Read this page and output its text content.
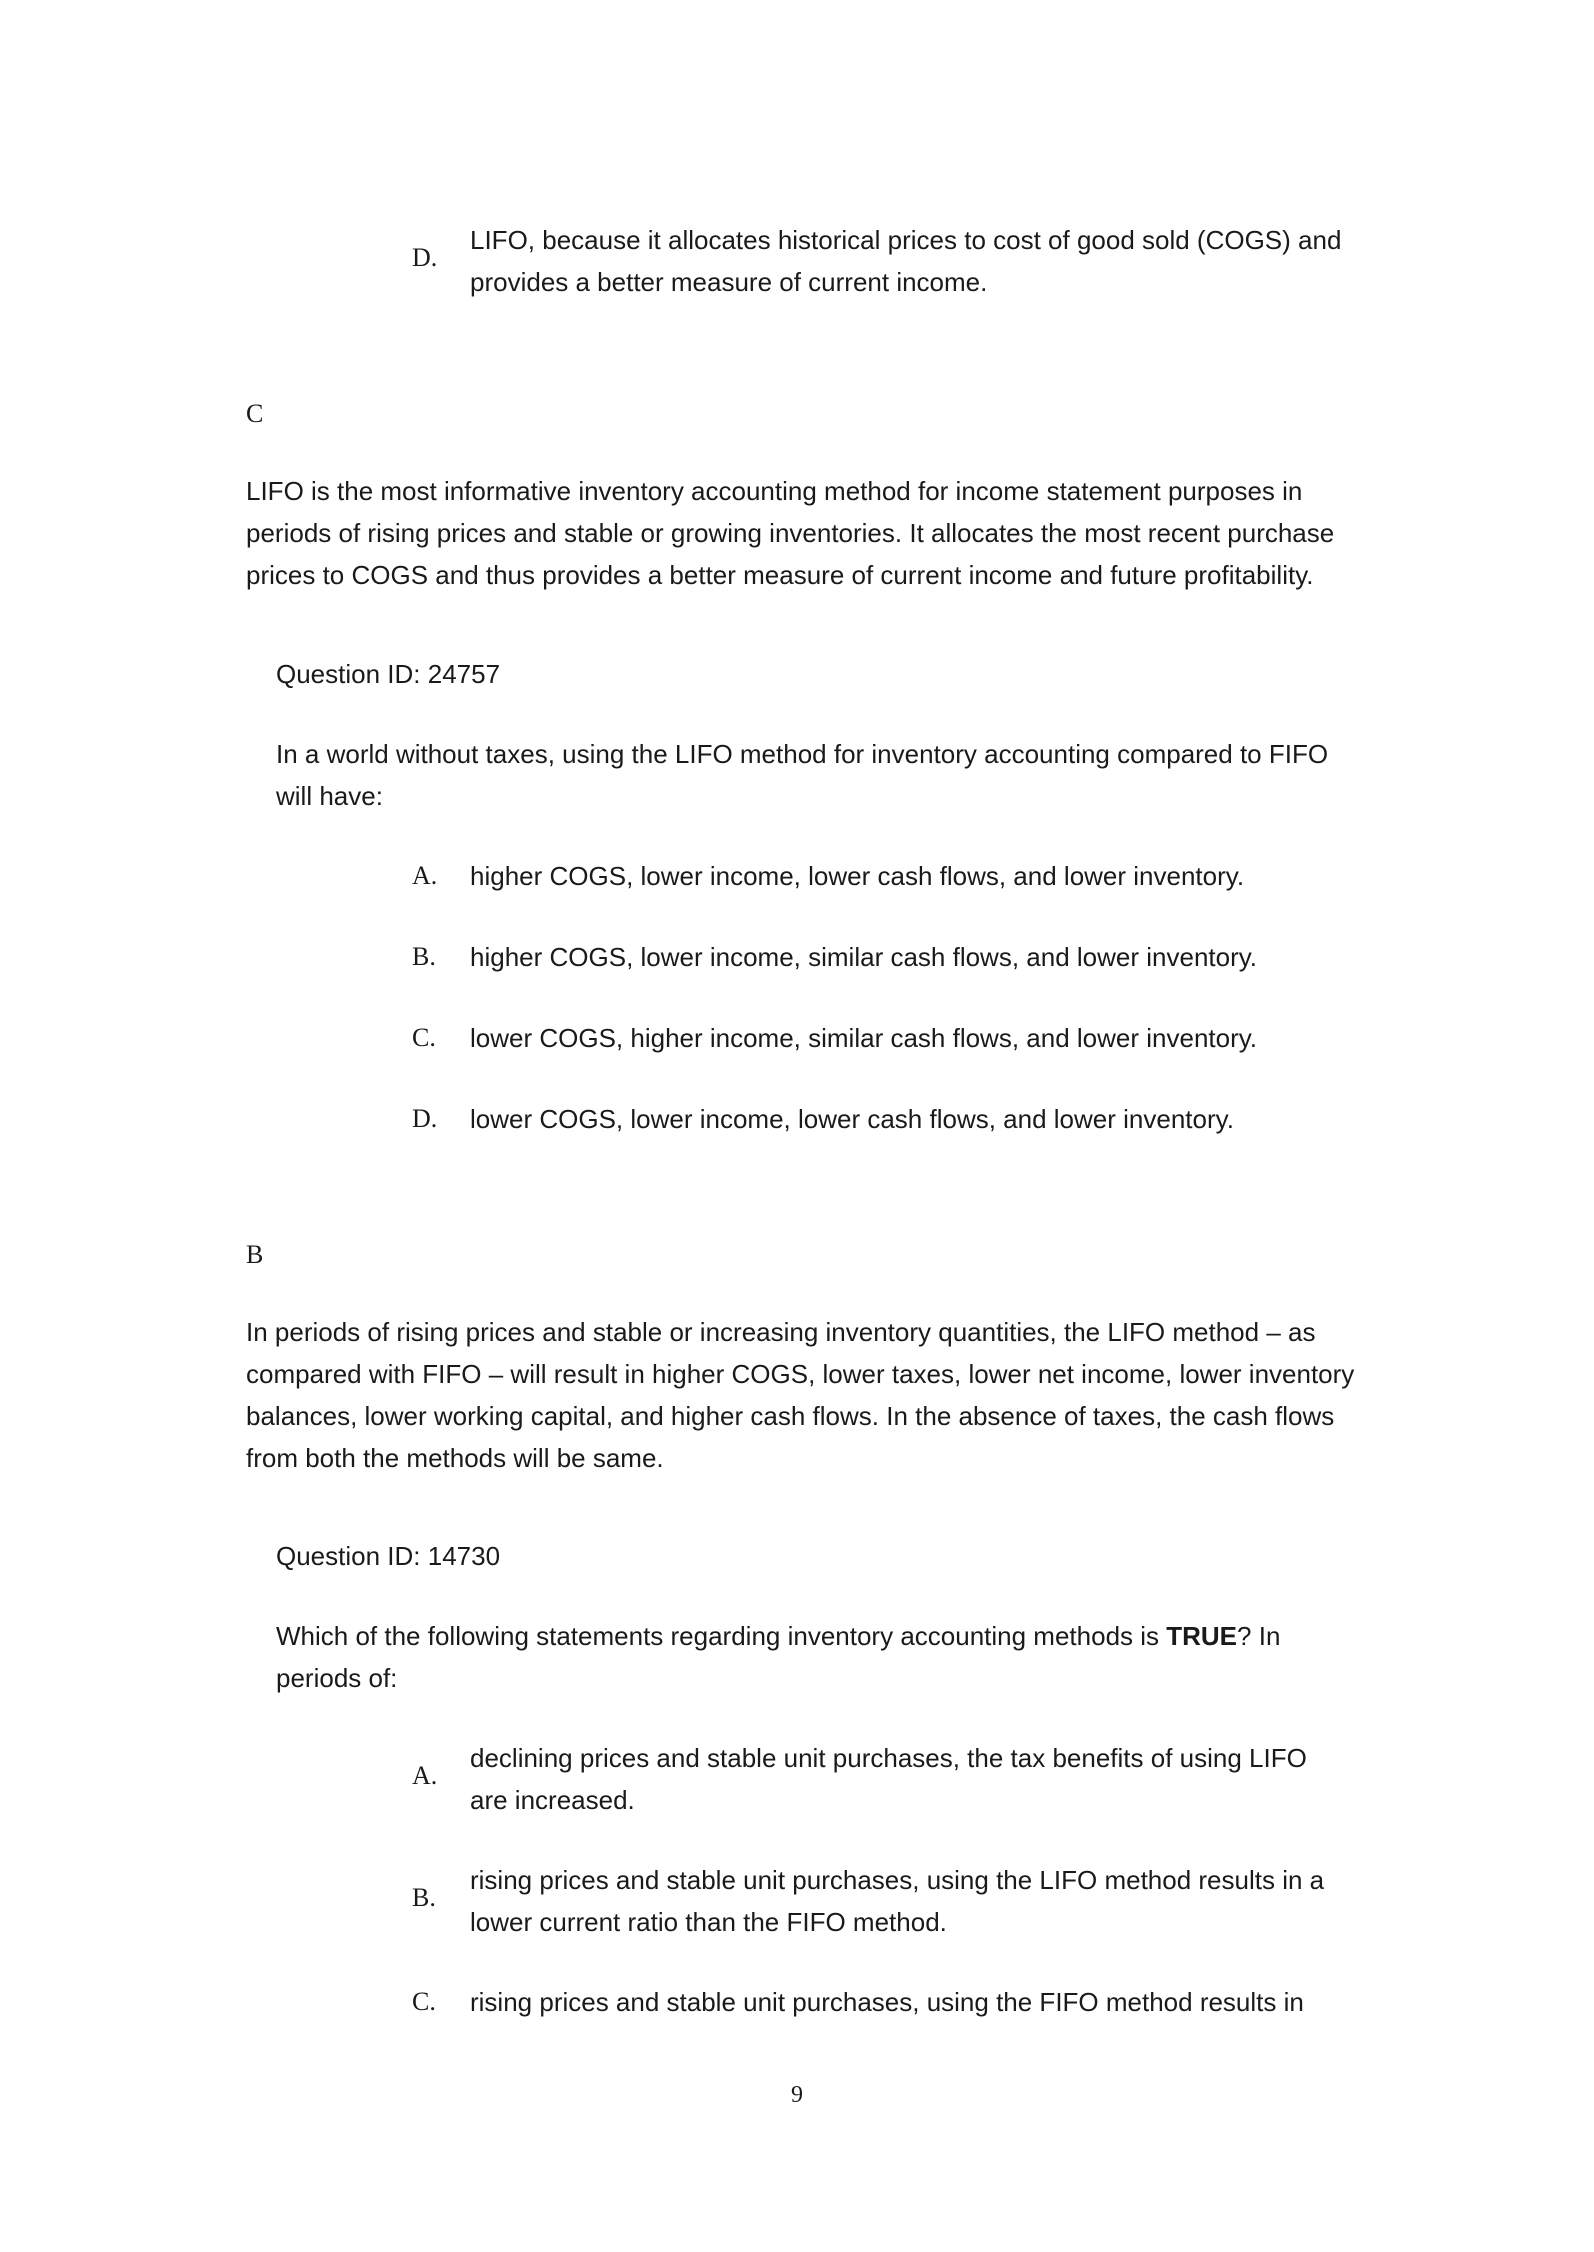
D.
LIFO, because it allocates historical prices to cost of good sold (COGS) and provides a better measure of current income.
C
LIFO is the most informative inventory accounting method for income statement purposes in periods of rising prices and stable or growing inventories. It allocates the most recent purchase prices to COGS and thus provides a better measure of current income and future profitability.
Question ID: 24757
In a world without taxes, using the LIFO method for inventory accounting compared to FIFO will have:
A.	higher COGS, lower income, lower cash flows, and lower inventory.
B.	higher COGS, lower income, similar cash flows, and lower inventory.
C.	lower COGS, higher income, similar cash flows, and lower inventory.
D.	lower COGS, lower income, lower cash flows, and lower inventory.
B
In periods of rising prices and stable or increasing inventory quantities, the LIFO method – as compared with FIFO – will result in higher COGS, lower taxes, lower net income, lower inventory balances, lower working capital, and higher cash flows. In the absence of taxes, the cash flows from both the methods will be same.
Question ID: 14730
Which of the following statements regarding inventory accounting methods is TRUE? In periods of:
A.
declining prices and stable unit purchases, the tax benefits of using LIFO are increased.
B.
rising prices and stable unit purchases, using the LIFO method results in a lower current ratio than the FIFO method.
C.	rising prices and stable unit purchases, using the FIFO method results in
9
